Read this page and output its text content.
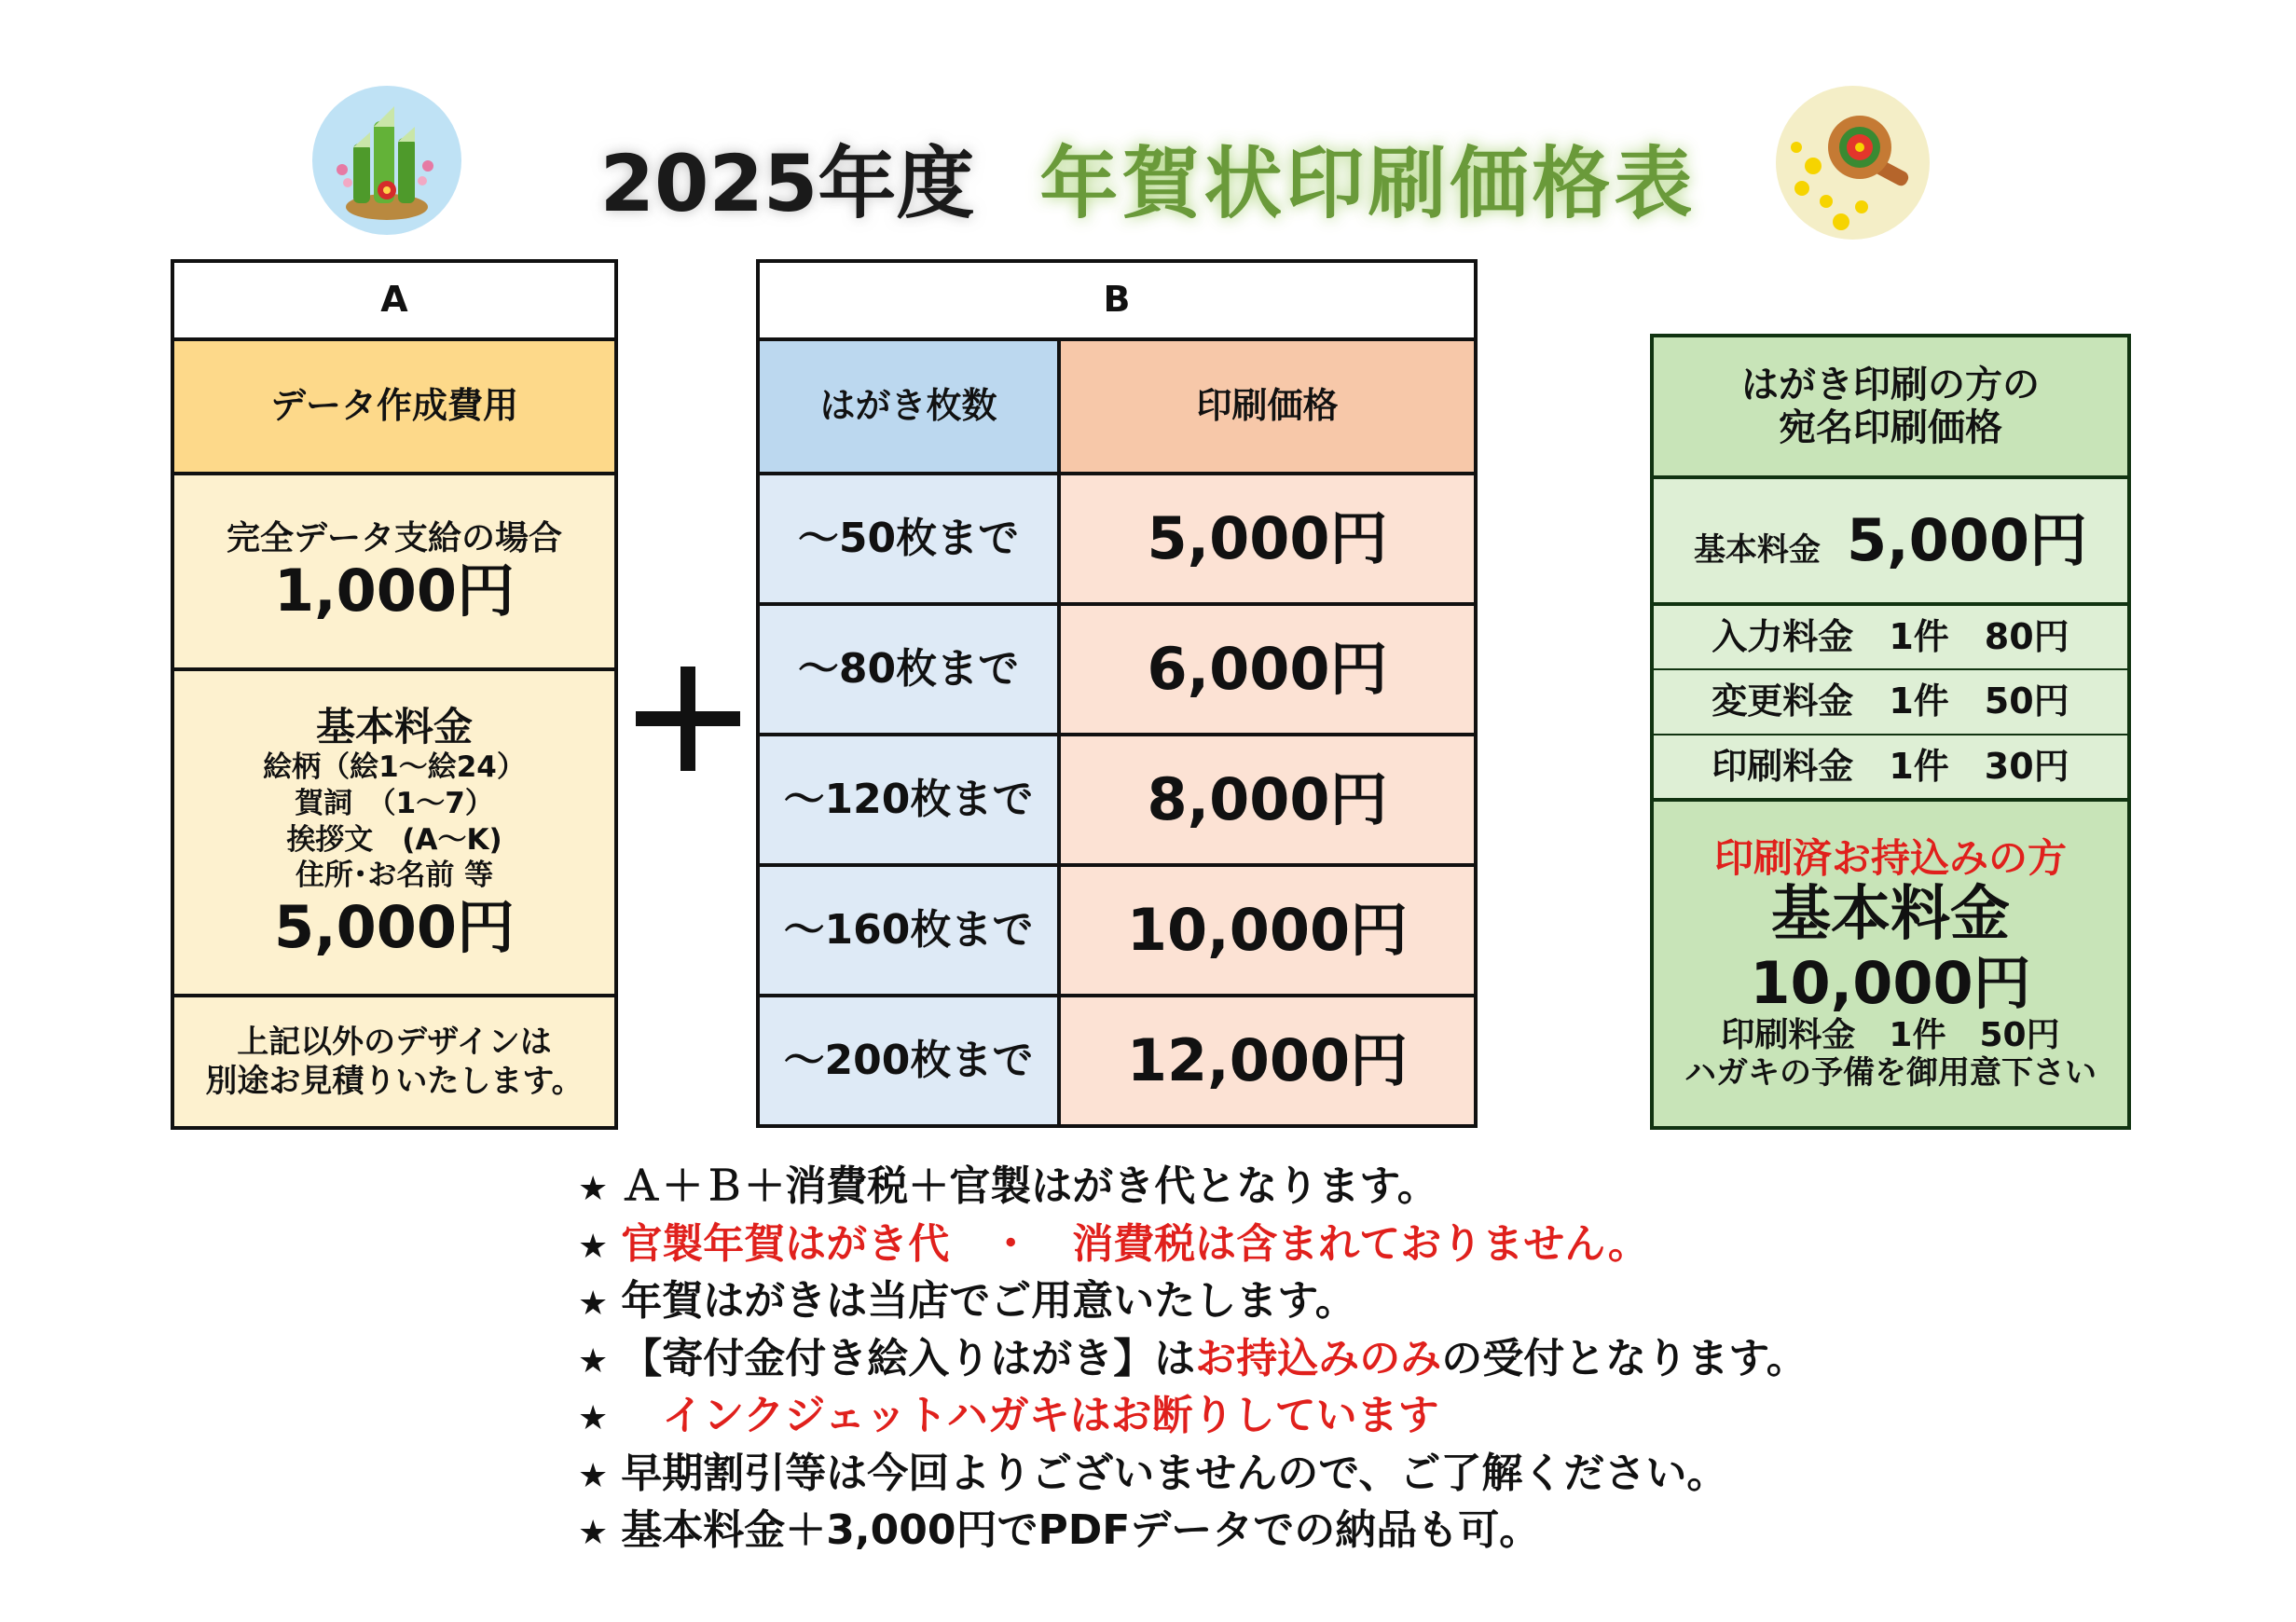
2025年度 年賀状印刷価格表
A
データ作成費用

完全データ支給の場合
1,000円

基本料金
絵柄（絵1～絵24）
賀詞　（1～7）
挨拶文　(A～K)
住所･お名前 等
5,000円

上記以外のデザインは
別途お見積りいたします。
B	
はがき枚数	印刷価格
～50枚まで	5,000円
～80枚まで	6,000円
～120枚まで	8,000円
～160枚まで	10,000円
～200枚まで	12,000円
はがき印刷の方の
宛名印刷価格

基本料金 5,000円
入力料金　 1件　 80円
変更料金　 1件　 50円
印刷料金　 1件　 30円

印刷済お持込みの方
基本料金
10,000円
印刷料金　1件　50円
ハガキの予備を御用意下さい
★ Ａ＋Ｂ＋消費税＋官製はがき代となります。
★ 官製年賀はがき代　・　消費税は含まれておりません。
★ 年賀はがきは当店でご用意いたします。
★ 【寄付金付き絵入りはがき】はお持込みのみの受付となります。
★　インクジェットハガキはお断りしています
★ 早期割引等は今回よりございませんので、ご了解ください。
★ 基本料金＋3,000円でPDFデータでの納品も可。
